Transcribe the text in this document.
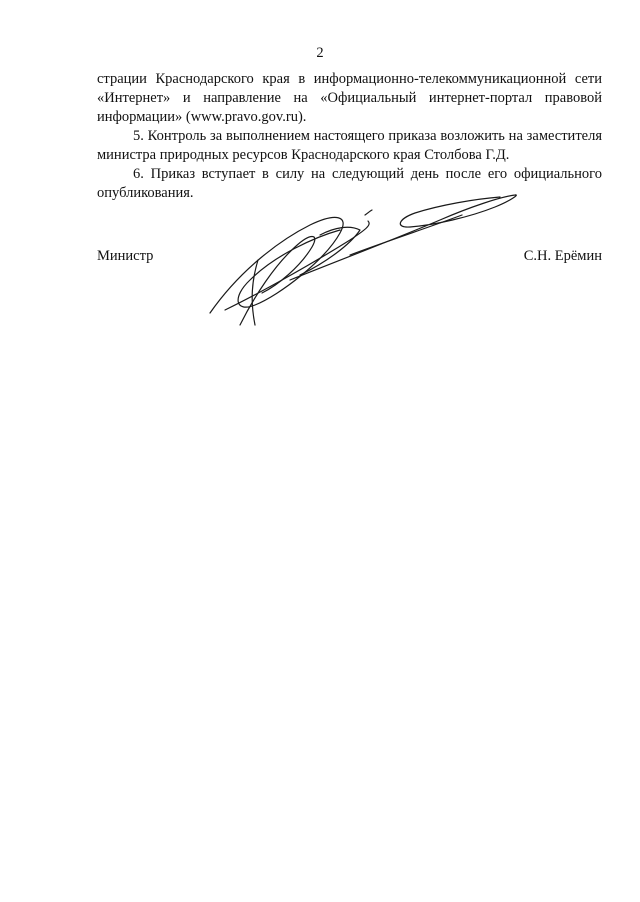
2

страции Краснодарского края в информационно-телекоммуникационной сети «Интернет» и направление на «Официальный интернет-портал правовой информации» (www.pravo.gov.ru).

5. Контроль за выполнением настоящего приказа возложить на заместителя министра природных ресурсов Краснодарского края Столбова Г.Д.

6. Приказ вступает в силу на следующий день после его официального опубликования.

Министр	С.Н. Ерёмин
